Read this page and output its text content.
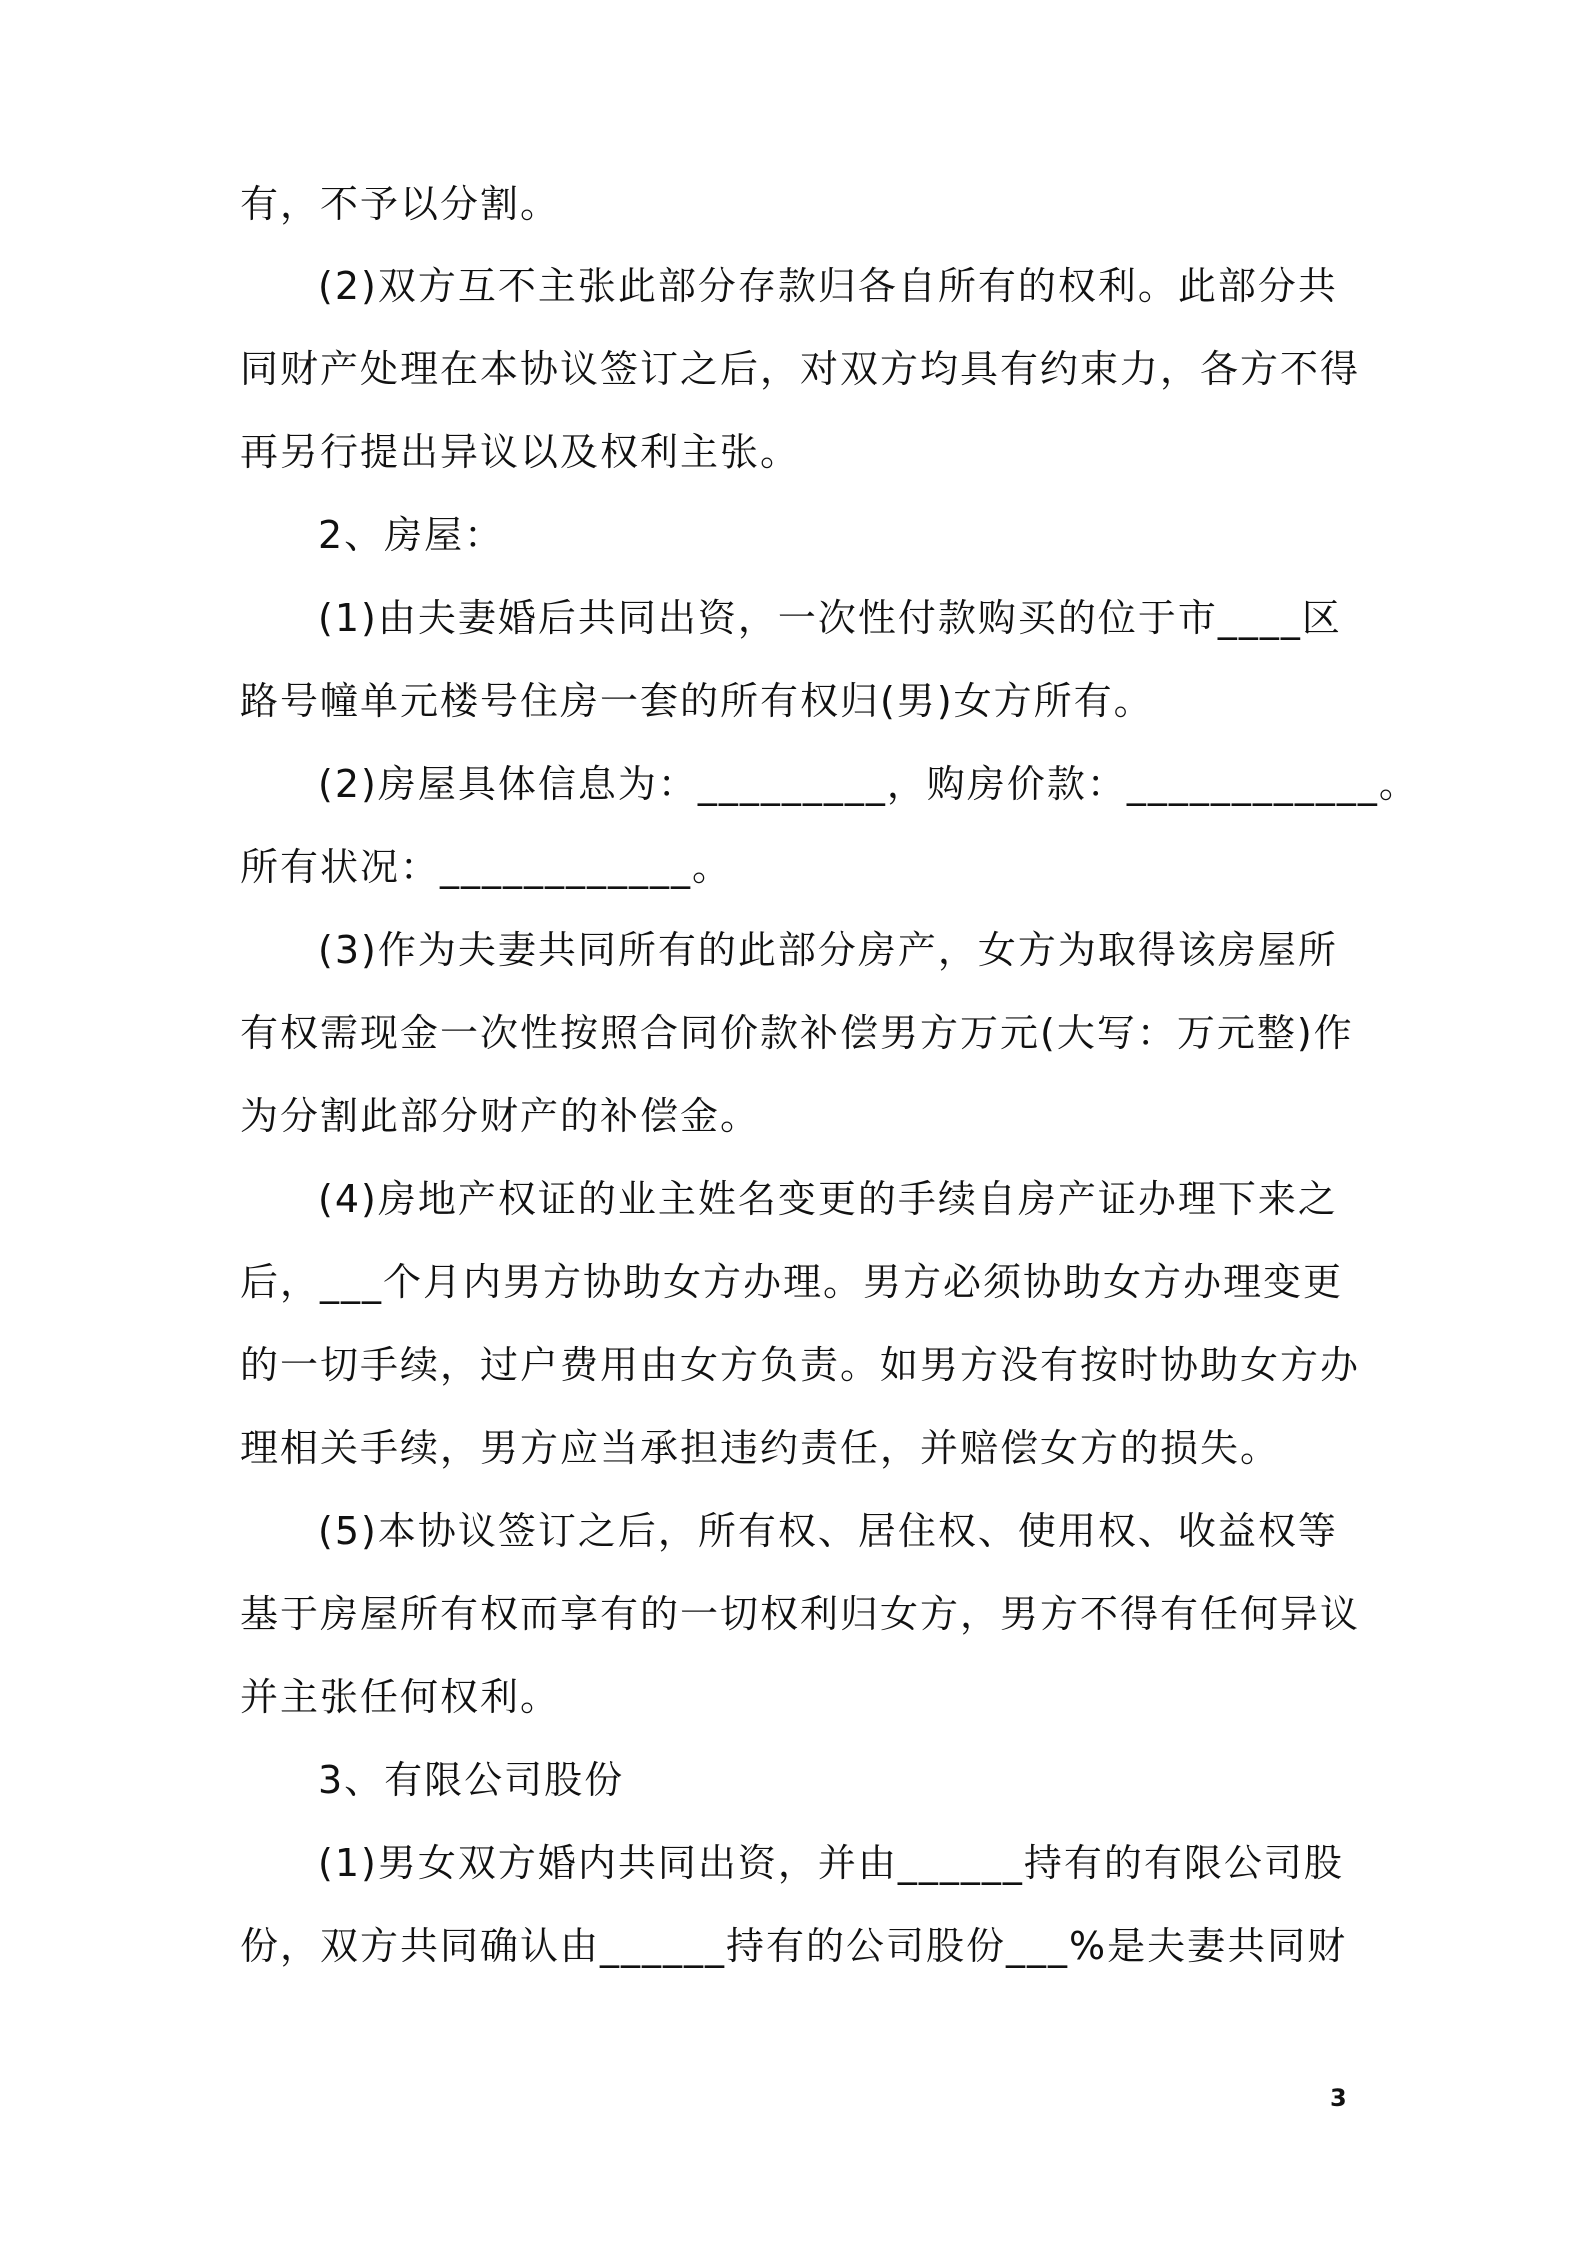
有，不予以分割。
(2)双方互不主张此部分存款归各自所有的权利。此部分共
同财产处理在本协议签订之后，对双方均具有约束力，各方不得
再另行提出异议以及权利主张。
2、房屋：
(1)由夫妻婚后共同出资，一次性付款购买的位于市____区
路号幢单元楼号住房一套的所有权归(男)女方所有。
(2)房屋具体信息为：_________，购房价款：____________。
所有状况：____________。
(3)作为夫妻共同所有的此部分房产，女方为取得该房屋所
有权需现金一次性按照合同价款补偿男方万元(大写：万元整)作
为分割此部分财产的补偿金。
(4)房地产权证的业主姓名变更的手续自房产证办理下来之
后，___个月内男方协助女方办理。男方必须协助女方办理变更
的一切手续，过户费用由女方负责。如男方没有按时协助女方办
理相关手续，男方应当承担违约责任，并赔偿女方的损失。
(5)本协议签订之后，所有权、居住权、使用权、收益权等
基于房屋所有权而享有的一切权利归女方，男方不得有任何异议
并主张任何权利。
3、有限公司股份
(1)男女双方婚内共同出资，并由______持有的有限公司股
份，双方共同确认由______持有的公司股份___%是夫妻共同财
3
